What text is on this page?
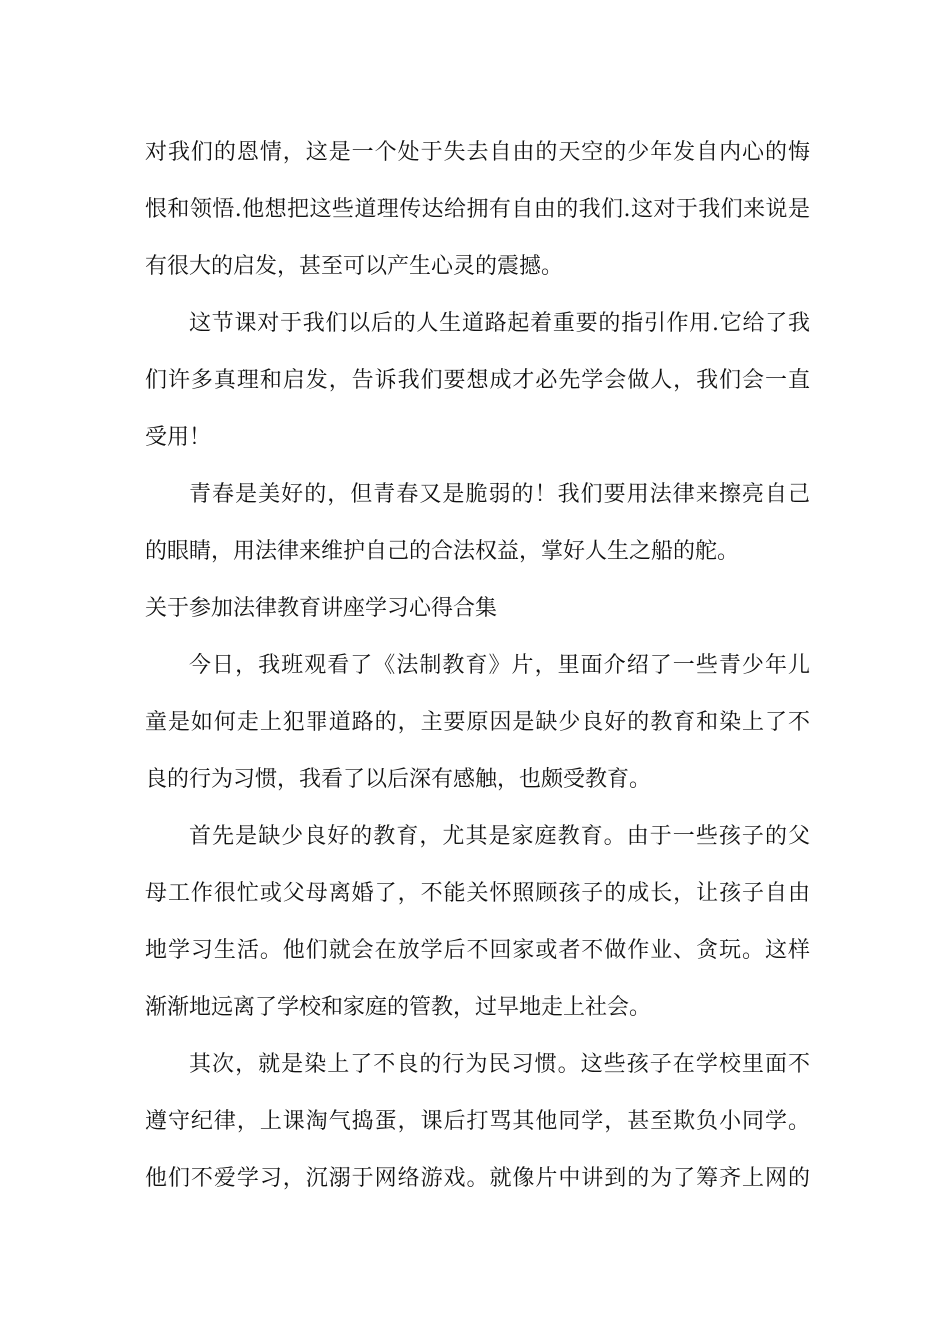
对我们的恩情，这是一个处于失去自由的天空的少年发自内心的悔
恨和领悟.他想把这些道理传达给拥有自由的我们.这对于我们来说是
有很大的启发，甚至可以产生心灵的震撼。
这节课对于我们以后的人生道路起着重要的指引作用.它给了我
们许多真理和启发，告诉我们要想成才必先学会做人，我们会一直
受用！
青春是美好的，但青春又是脆弱的！我们要用法律来擦亮自己
的眼睛，用法律来维护自己的合法权益，掌好人生之船的舵。
关于参加法律教育讲座学习心得合集
今日，我班观看了《法制教育》片，里面介绍了一些青少年儿
童是如何走上犯罪道路的，主要原因是缺少良好的教育和染上了不
良的行为习惯，我看了以后深有感触，也颇受教育。
首先是缺少良好的教育，尤其是家庭教育。由于一些孩子的父
母工作很忙或父母离婚了，不能关怀照顾孩子的成长，让孩子自由
地学习生活。他们就会在放学后不回家或者不做作业、贪玩。这样
渐渐地远离了学校和家庭的管教，过早地走上社会。
其次，就是染上了不良的行为民习惯。这些孩子在学校里面不
遵守纪律，上课淘气捣蛋，课后打骂其他同学，甚至欺负小同学。
他们不爱学习，沉溺于网络游戏。就像片中讲到的为了筹齐上网的
